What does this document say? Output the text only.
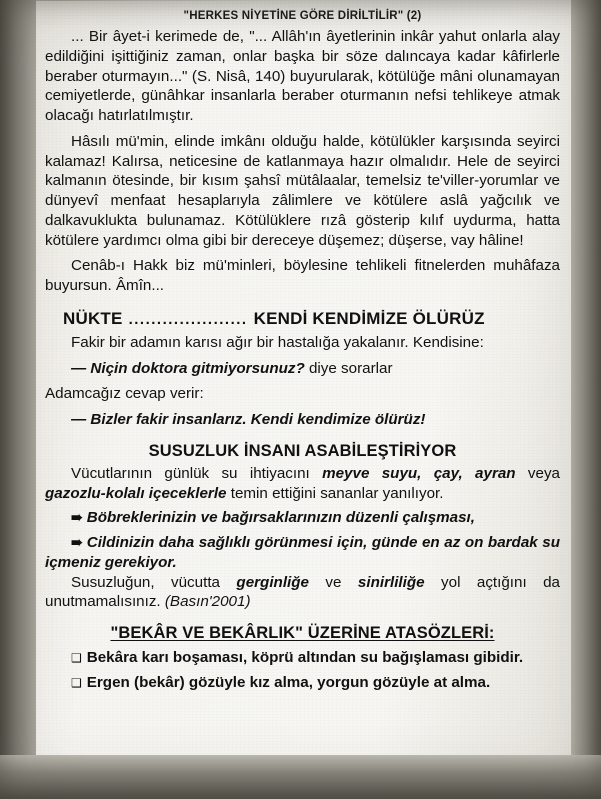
"HERKES NİYETİNE GÖRE DİRİLTİLİR" (2)

... Bir âyet-i kerimede de, "... Allâh'ın âyetlerinin inkâr yahut onlarla alay edildiğini işittiğiniz zaman, onlar başka bir söze dalıncaya kadar kâfirlerle beraber oturmayın..." (S. Nisâ, 140) buyurularak, kötülüğe mâni olunamayan cemiyetlerde, günâhkar insanlarla beraber oturmanın nefsi tehlikeye atmak olacağı hatırlatılmıştır.

Hâsılı mü'min, elinde imkânı olduğu halde, kötülükler karşısında seyirci kalamaz! Kalırsa, neticesine de katlanmaya hazır olmalıdır. Hele de seyirci kalmanın ötesinde, bir kısım şahsî mütâlaalar, temelsiz te'viller-yorumlar ve dünyevî menfaat hesaplarıyla zâlimlere ve kötülere aslâ yağcılık ve dalkavuklukta bulunamaz. Kötülüklere rızâ gösterip kılıf uydurma, hatta kötülere yardımcı olma gibi bir dereceye düşemez; düşerse, vay hâline!

Cenâb-ı Hakk biz mü'minleri, böylesine tehlikeli fitnelerden muhâfaza buyursun. Âmîn...

NÜKTE ..................... KENDİ KENDİMİZE ÖLÜRÜZ

Fakir bir adamın karısı ağır bir hastalığa yakalanır. Kendisine:

— Niçin doktora gitmiyorsunuz? diye sorarlar

Adamcağız cevap verir:

— Bizler fakir insanlarız. Kendi kendimize ölürüz!

SUSUZLUK İNSANI ASABİLEŞTİRİYOR

Vücutlarının günlük su ihtiyacını meyve suyu, çay, ayran veya gazozlu-kolalı içeceklerle temin ettiğini sananlar yanılıyor.

➠ Böbreklerinizin ve bağırsaklarınızın düzenli çalışması,

➠ Cildinizin daha sağlıklı görünmesi için, günde en az on bardak su içmeniz gerekiyor.

Susuzluğun, vücutta gerginliğe ve sinirliliğe yol açtığını da unutmamalısınız. (Basın'2001)

"BEKÂR VE BEKÂRLIK" ÜZERİNE ATASÖZLERİ:

❑ Bekâra karı boşaması, köprü altından su bağışlaması gibidir.

❑ Ergen (bekâr) gözüyle kız alma, yorgun gözüyle at alma.
